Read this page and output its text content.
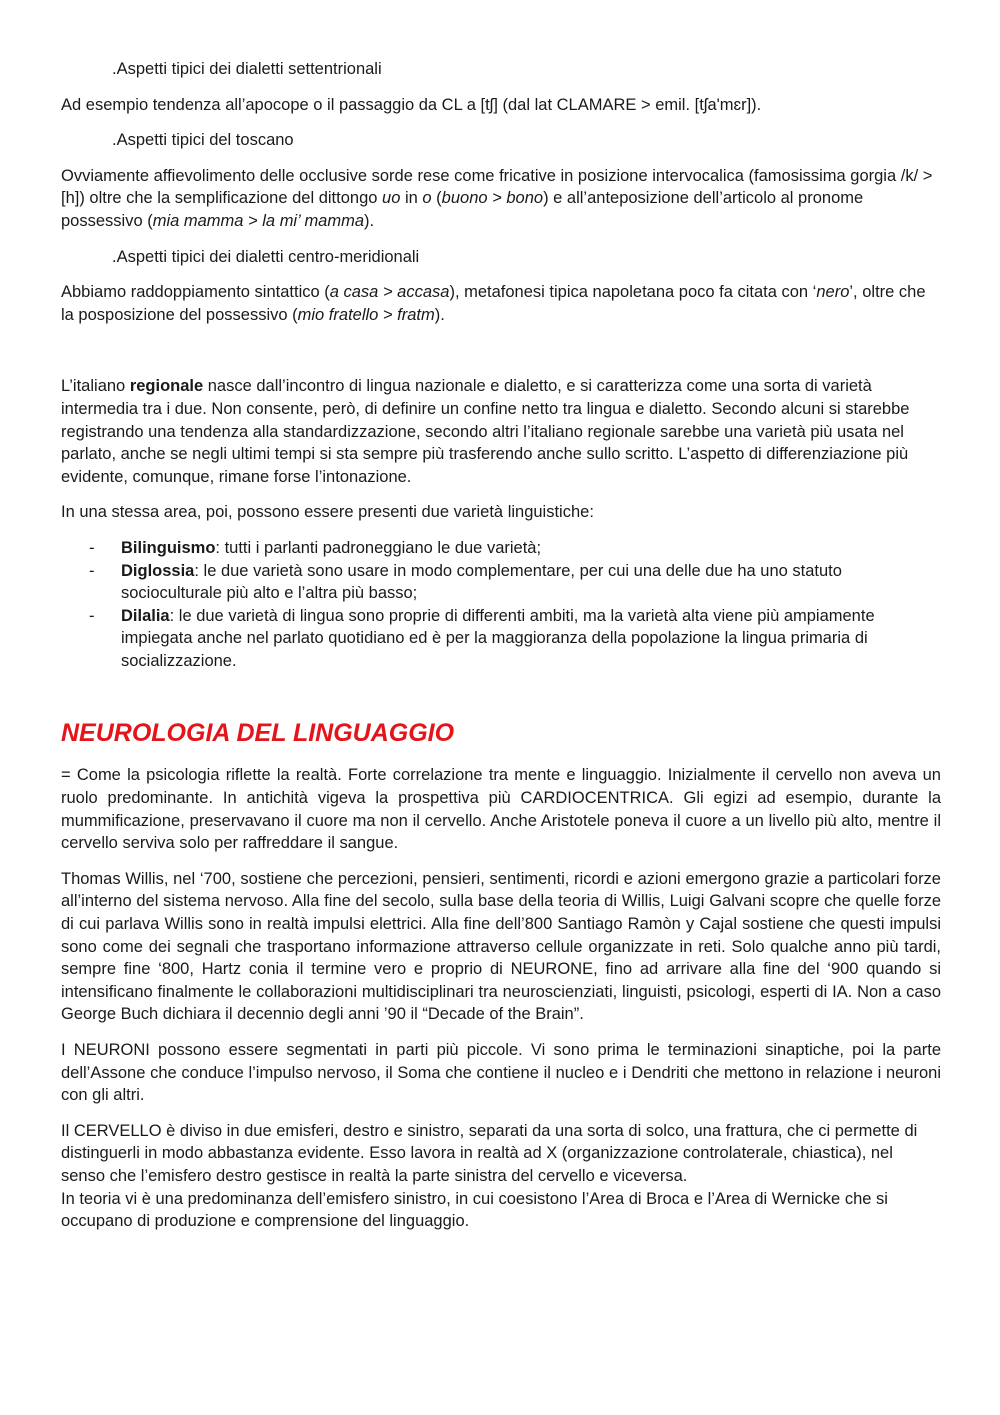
.Aspetti tipici dei dialetti settentrionali

Ad esempio tendenza all’apocope o il passaggio da CL a [tʃ] (dal lat CLAMARE > emil. [tʃa'mɛr]).

.Aspetti tipici del toscano

Ovviamente affievolimento delle occlusive sorde rese come fricative in posizione intervocalica (famosissima gorgia /k/ > [h]) oltre che la semplificazione del dittongo uo in o (buono > bono) e all’anteposizione dell’articolo al pronome possessivo (mia mamma > la mi’ mamma).

.Aspetti tipici dei dialetti centro-meridionali

Abbiamo raddoppiamento sintattico (a casa > accasa), metafonesi tipica napoletana poco fa citata con ‘nero’, oltre che la posposizione del possessivo (mio fratello > fratm).

L’italiano regionale nasce dall’incontro di lingua nazionale e dialetto, e si caratterizza come una sorta di varietà intermedia tra i due. Non consente, però, di definire un confine netto tra lingua e dialetto. Secondo alcuni si starebbe registrando una tendenza alla standardizzazione, secondo altri l’italiano regionale sarebbe una varietà più usata nel parlato, anche se negli ultimi tempi si sta sempre più trasferendo anche sullo scritto. L’aspetto di differenziazione più evidente, comunque, rimane forse l’intonazione.

In una stessa area, poi, possono essere presenti due varietà linguistiche:

- Bilinguismo: tutti i parlanti padroneggiano le due varietà;
- Diglossia: le due varietà sono usare in modo complementare, per cui una delle due ha uno statuto socioculturale più alto e l’altra più basso;
- Dilalia: le due varietà di lingua sono proprie di differenti ambiti, ma la varietà alta viene più ampiamente impiegata anche nel parlato quotidiano ed è per la maggioranza della popolazione la lingua primaria di socializzazione.
NEUROLOGIA DEL LINGUAGGIO

= Come la psicologia riflette la realtà. Forte correlazione tra mente e linguaggio. Inizialmente il cervello non aveva un ruolo predominante. In antichità vigeva la prospettiva più CARDIOCENTRICA. Gli egizi ad esempio, durante la mummificazione, preservavano il cuore ma non il cervello. Anche Aristotele poneva il cuore a un livello più alto, mentre il cervello serviva solo per raffreddare il sangue.

Thomas Willis, nel ‘700, sostiene che percezioni, pensieri, sentimenti, ricordi e azioni emergono grazie a particolari forze all’interno del sistema nervoso. Alla fine del secolo, sulla base della teoria di Willis, Luigi Galvani scopre che quelle forze di cui parlava Willis sono in realtà impulsi elettrici. Alla fine dell’800 Santiago Ramòn y Cajal sostiene che questi impulsi sono come dei segnali che trasportano informazione attraverso cellule organizzate in reti. Solo qualche anno più tardi, sempre fine ‘800, Hartz conia il termine vero e proprio di NEURONE, fino ad arrivare alla fine del ‘900 quando si intensificano finalmente le collaborazioni multidisciplinari tra neuroscienziati, linguisti, psicologi, esperti di IA. Non a caso George Buch dichiara il decennio degli anni ’90 il “Decade of the Brain”.

I NEURONI possono essere segmentati in parti più piccole. Vi sono prima le terminazioni sinaptiche, poi la parte dell’Assone che conduce l’impulso nervoso, il Soma che contiene il nucleo e i Dendriti che mettono in relazione i neuroni con gli altri.

Il CERVELLO è diviso in due emisferi, destro e sinistro, separati da una sorta di solco, una frattura, che ci permette di distinguerli in modo abbastanza evidente. Esso lavora in realtà ad X (organizzazione controlaterale, chiastica), nel senso che l’emisfero destro gestisce in realtà la parte sinistra del cervello e viceversa.

In teoria vi è una predominanza dell’emisfero sinistro, in cui coesistono l’Area di Broca e l’Area di Wernicke che si occupano di produzione e comprensione del linguaggio.
